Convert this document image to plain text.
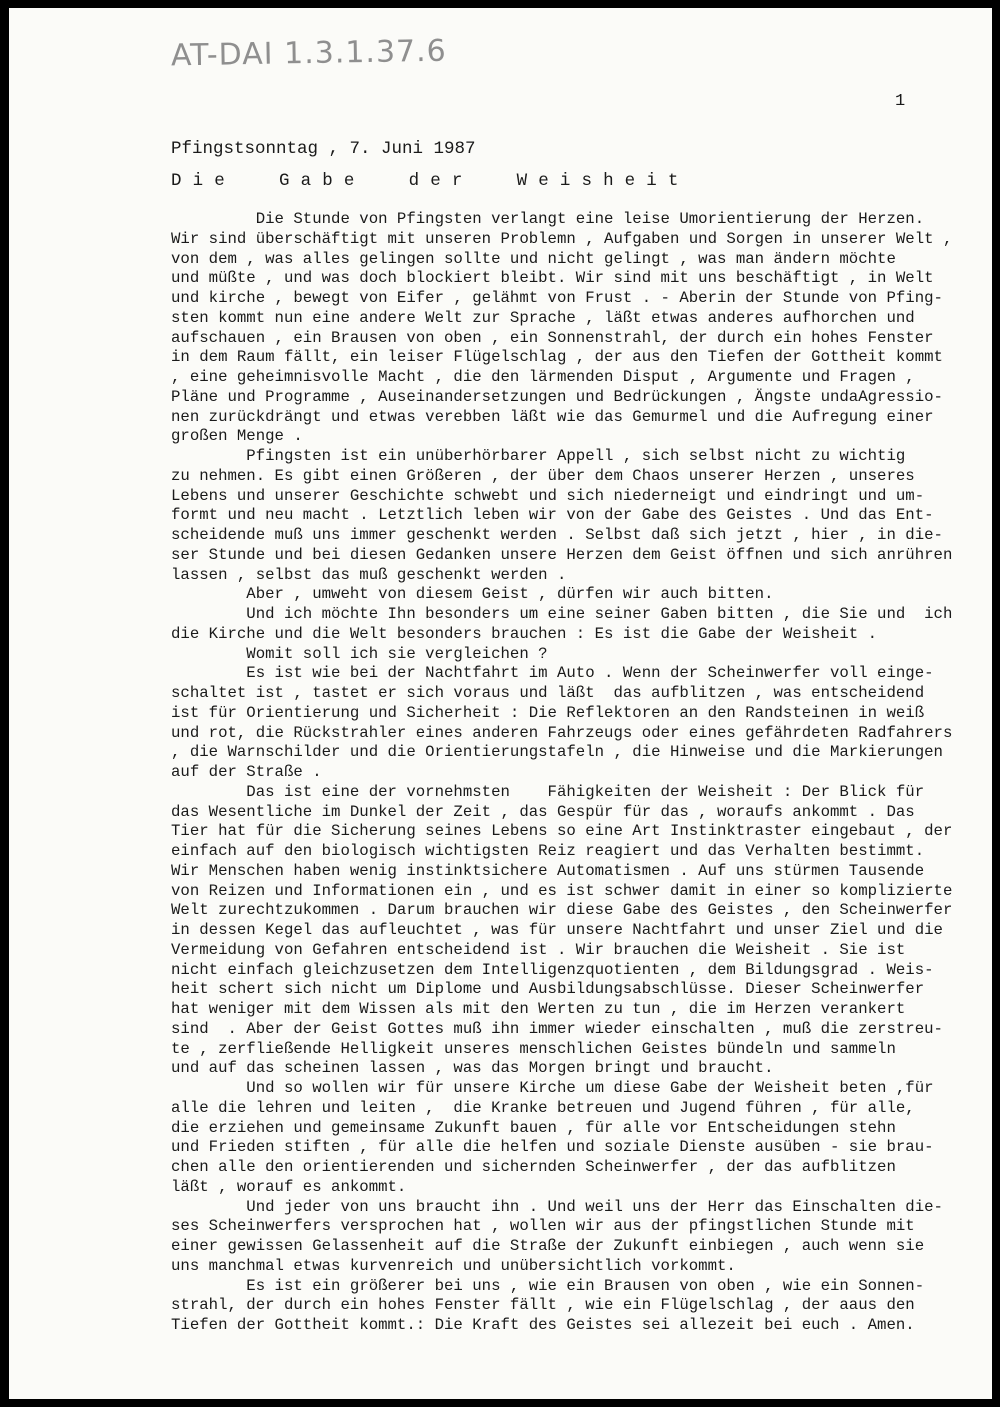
AT-DAI 1.3.1.37.6
1
Pfingstsonntag , 7. Juni 1987
D i e     G a b e     d e r     W e i s h e i t
Die Stunde von Pfingsten verlangt eine leise Umorientierung der Herzen.
Wir sind überschäftigt mit unseren Problemn , Aufgaben und Sorgen in unserer Welt ,
von dem , was alles gelingen sollte und nicht gelingt , was man ändern möchte
und müßte , und was doch blockiert bleibt. Wir sind mit uns beschäftigt , in Welt
und kirche , bewegt von Eifer , gelähmt von Frust . - Aberin der Stunde von Pfing-
sten kommt nun eine andere Welt zur Sprache , läßt etwas anderes aufhorchen und
aufschauen , ein Brausen von oben , ein Sonnenstrahl, der durch ein hohes Fenster
in dem Raum fällt, ein leiser Flügelschlag , der aus den Tiefen der Gottheit kommt
, eine geheimnisvolle Macht , die den lärmenden Disput , Argumente und Fragen ,
Pläne und Programme , Auseinandersetzungen und Bedrückungen , Ängste undaAgressio-
nen zurückdrängt und etwas verebben läßt wie das Gemurmel und die Aufregung einer
großen Menge .
Pfingsten ist ein unüberhörbarer Appell , sich selbst nicht zu wichtig
zu nehmen. Es gibt einen Größeren , der über dem Chaos unserer Herzen , unseres
Lebens und unserer Geschichte schwebt und sich niederneigt und eindringt und um-
formt und neu macht . Letztlich leben wir von der Gabe des Geistes . Und das Ent-
scheidende muß uns immer geschenkt werden . Selbst daß sich jetzt , hier , in die-
ser Stunde und bei diesen Gedanken unsere Herzen dem Geist öffnen und sich anrühren
lassen , selbst das muß geschenkt werden .
Aber , umweht von diesem Geist , dürfen wir auch bitten.
Und ich möchte Ihn besonders um eine seiner Gaben bitten , die Sie und  ich
die Kirche und die Welt besonders brauchen : Es ist die Gabe der Weisheit .
Womit soll ich sie vergleichen ?
Es ist wie bei der Nachtfahrt im Auto . Wenn der Scheinwerfer voll einge-
schaltet ist , tastet er sich voraus und läßt  das aufblitzen , was entscheidend
ist für Orientierung und Sicherheit : Die Reflektoren an den Randsteinen in weiß
und rot, die Rückstrahler eines anderen Fahrzeugs oder eines gefährdeten Radfahrers
, die Warnschilder und die Orientierungstafeln , die Hinweise und die Markierungen
auf der Straße .
Das ist eine der vornehmsten    Fähigkeiten der Weisheit : Der Blick für
das Wesentliche im Dunkel der Zeit , das Gespür für das , woraufs ankommt . Das
Tier hat für die Sicherung seines Lebens so eine Art Instinktraster eingebaut , der
einfach auf den biologisch wichtigsten Reiz reagiert und das Verhalten bestimmt.
Wir Menschen haben wenig instinktsichere Automatismen . Auf uns stürmen Tausende
von Reizen und Informationen ein , und es ist schwer damit in einer so komplizierte
Welt zurechtzukommen . Darum brauchen wir diese Gabe des Geistes , den Scheinwerfer
in dessen Kegel das aufleuchtet , was für unsere Nachtfahrt und unser Ziel und die
Vermeidung von Gefahren entscheidend ist . Wir brauchen die Weisheit . Sie ist
nicht einfach gleichzusetzen dem Intelligenzquotienten , dem Bildungsgrad . Weis-
heit schert sich nicht um Diplome und Ausbildungsabschlüsse. Dieser Scheinwerfer
hat weniger mit dem Wissen als mit den Werten zu tun , die im Herzen verankert
sind  . Aber der Geist Gottes muß ihn immer wieder einschalten , muß die zerstreu-
te , zerfließende Helligkeit unseres menschlichen Geistes bündeln und sammeln
und auf das scheinen lassen , was das Morgen bringt und braucht.
Und so wollen wir für unsere Kirche um diese Gabe der Weisheit beten ,für
alle die lehren und leiten ,  die Kranke betreuen und Jugend führen , für alle,
die erziehen und gemeinsame Zukunft bauen , für alle vor Entscheidungen stehn
und Frieden stiften , für alle die helfen und soziale Dienste ausüben - sie brau-
chen alle den orientierenden und sichernden Scheinwerfer , der das aufblitzen
läßt , worauf es ankommt.
Und jeder von uns braucht ihn . Und weil uns der Herr das Einschalten die-
ses Scheinwerfers versprochen hat , wollen wir aus der pfingstlichen Stunde mit
einer gewissen Gelassenheit auf die Straße der Zukunft einbiegen , auch wenn sie
uns manchmal etwas kurvenreich und unübersichtlich vorkommt.
Es ist ein größerer bei uns , wie ein Brausen von oben , wie ein Sonnen-
strahl, der durch ein hohes Fenster fällt , wie ein Flügelschlag , der aaus den
Tiefen der Gottheit kommt.: Die Kraft des Geistes sei allezeit bei euch . Amen.
